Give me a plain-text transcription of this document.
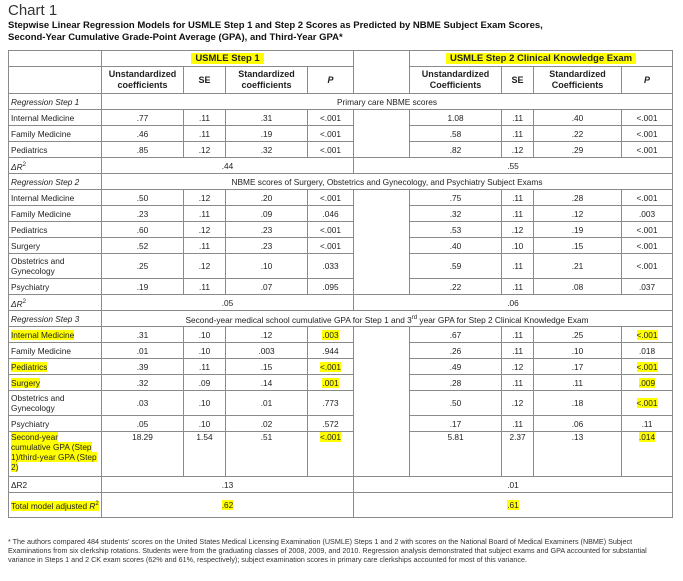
Chart 1
Stepwise Linear Regression Models for USMLE Step 1 and Step 2 Scores as Predicted by NBME Subject Exam Scores, Second-Year Cumulative Grade-Point Average (GPA), and Third-Year GPA*
	USMLE Step 1					USMLE Step 2 Clinical Knowledge Exam			
	Unstandardized coefficients	SE	Standardized coefficients	P		Unstandardized Coefficients	SE	Standardized Coefficients	P
Regression Step 1	Primary care NBME scores								
Internal Medicine	.77	.11	.31	<.001		1.08	.11	.40	<.001
Family Medicine	.46	.11	.19	<.001		.58	.11	.22	<.001
Pediatrics	.85	.12	.32	<.001		.82	.12	.29	<.001
$\Delta R^2$	.44				.55				
Regression Step 2	NBME scores of Surgery, Obstetrics and Gynecology, and Psychiatry Subject Exams								
Internal Medicine	.50	.12	.20	<.001		.75	.11	.28	<.001
Family Medicine	.23	.11	.09	.046		.32	.11	.12	.003
Pediatrics	.60	.12	.23	<.001		.53	.12	.19	<.001
Surgery	.52	.11	.23	<.001		.40	.10	.15	<.001
Obstetrics and Gynecology	.25	.12	.10	.033		.59	.11	.21	<.001
Psychiatry	.19	.11	.07	.095		.22	.11	.08	.037
$\Delta R^2$	.05				.06				
Regression Step 3	Second-year medical school cumulative GPA for Step 1 and 3rd year GPA for Step 2 Clinical Knowledge Exam								
Internal Medicine	.31	.10	.12	.003		.67	.11	.25	<.001
Family Medicine	.01	.10	.003	.944		.26	.11	.10	.018
Pediatrics	.39	.11	.15	<.001		.49	.12	.17	<.001
Surgery	.32	.09	.14	.001		.28	.11	.11	.009
Obstetrics and Gynecology	.03	.10	.01	.773		.50	.12	.18	<.001
Psychiatry	.05	.10	.02	.572		.17	.11	.06	.11
Second-year cumulative GPA (Step 1)/third-year GPA (Step 2)	18.29	1.54	.51	<.001		5.81	2.37	.13	.014
ΔR2	.13				.01				
Total model adjusted $R^2$	.62				.61				
* The authors compared 484 students' scores on the United States Medical Licensing Examination (USMLE) Steps 1 and 2 with scores on the National Board of Medical Examiners (NBME) Subject Examinations from six clerkship rotations. Students were from the graduating classes of 2008, 2009, and 2010. Regression analysis demonstrated that subject exams and GPA accounted for substantial variance in Steps 1 and 2 CK exam scores (62% and 61%, respectively); subject examination scores in primary care clerkships accounted for most of this variance.
